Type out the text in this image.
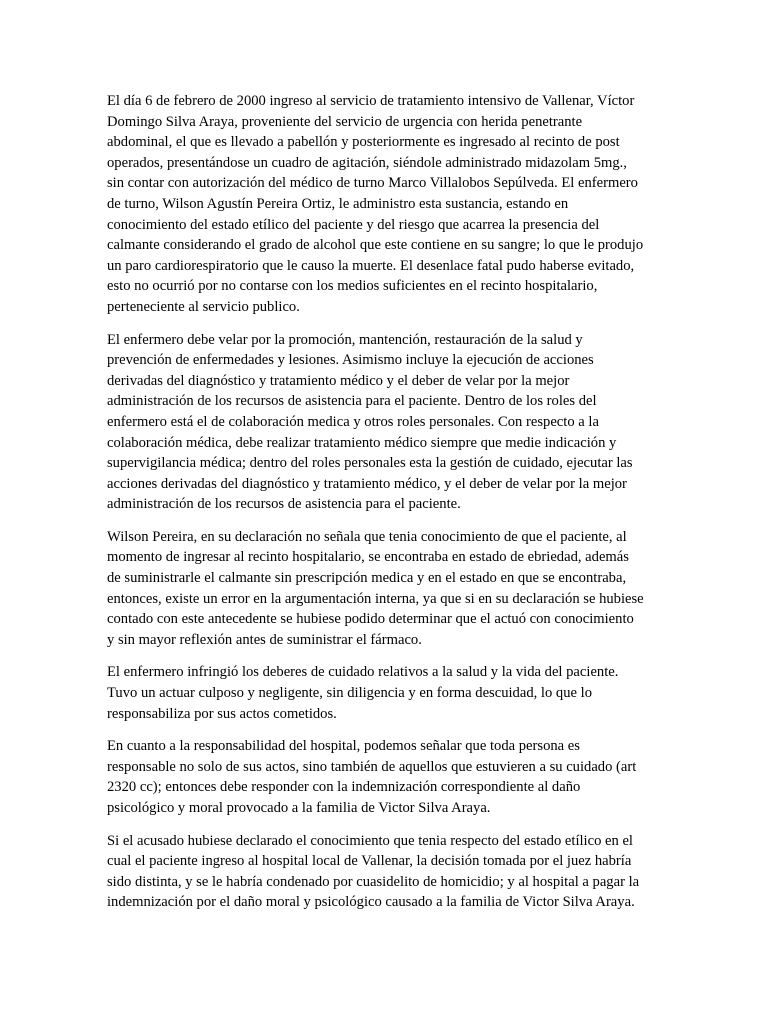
El día 6 de febrero de 2000 ingreso al servicio de tratamiento intensivo de Vallenar, Víctor
Domingo Silva Araya, proveniente del servicio de urgencia con herida penetrante
abdominal, el que es llevado a pabellón y posteriormente es ingresado al recinto de post
operados, presentándose un cuadro de agitación, siéndole administrado midazolam 5mg.,
sin contar con autorización del médico de turno Marco Villalobos Sepúlveda. El enfermero
de turno, Wilson Agustín Pereira Ortiz, le administro esta sustancia, estando en
conocimiento del estado etílico del paciente y del riesgo que acarrea la presencia del
calmante considerando el grado de alcohol que este contiene en su sangre; lo que le produjo
un paro cardiorespiratorio que le causo la muerte. El desenlace fatal pudo haberse evitado,
esto no ocurrió por no contarse con los medios suficientes en el recinto hospitalario,
perteneciente al servicio publico.

El enfermero debe velar por la promoción, mantención, restauración de la salud y
prevención de enfermedades y lesiones. Asimismo incluye la ejecución de acciones
derivadas del diagnóstico y tratamiento médico y el deber de velar por la mejor
administración de los recursos de asistencia para el paciente. Dentro de los roles del
enfermero está el de colaboración medica y otros roles personales. Con respecto a la
colaboración médica, debe realizar tratamiento médico siempre que medie indicación y
supervigilancia médica; dentro del roles personales esta la gestión de cuidado, ejecutar las
acciones derivadas del diagnóstico y tratamiento médico, y el deber de velar por la mejor
administración de los recursos de asistencia para el paciente.

Wilson Pereira, en su declaración no señala que tenia conocimiento de que el paciente, al
momento de ingresar al recinto hospitalario, se encontraba en estado de ebriedad, además
de suministrarle el calmante sin prescripción medica y en el estado en que se encontraba,
entonces, existe un error en la argumentación interna, ya que si en su declaración se hubiese
contado con este antecedente se hubiese podido determinar que el actuó con conocimiento
y sin mayor reflexión antes de suministrar el fármaco.

El enfermero infringió los deberes de cuidado relativos a la salud y la vida del paciente.
Tuvo un actuar culposo y negligente, sin diligencia y en forma descuidad, lo que lo
responsabiliza por sus actos cometidos.

En cuanto a la responsabilidad del hospital, podemos señalar que toda persona es
responsable no solo de sus actos, sino también de aquellos que estuvieren a su cuidado (art
2320 cc); entonces debe responder con la indemnización correspondiente al daño
psicológico y moral provocado a la familia de Victor Silva Araya.

Si el acusado hubiese declarado el conocimiento que tenia respecto del estado etílico en el
cual el paciente ingreso al hospital local de Vallenar, la decisión tomada por el juez habría
sido distinta, y se le habría condenado por cuasidelito de homicidio; y al hospital a pagar la
indemnización por el daño moral y psicológico causado a la familia de Victor Silva Araya.
